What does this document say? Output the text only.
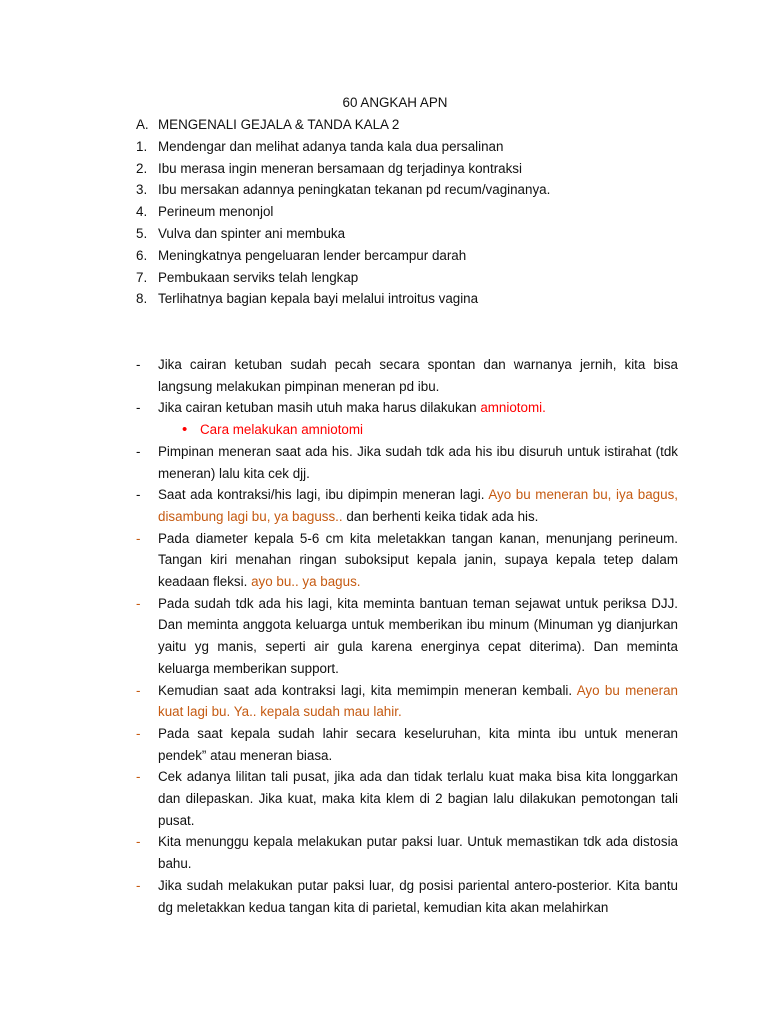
60 ANGKAH APN
A. MENGENALI GEJALA & TANDA KALA 2
1. Mendengar dan melihat adanya tanda kala dua persalinan
2. Ibu merasa ingin meneran bersamaan dg terjadinya kontraksi
3. Ibu mersakan adannya peningkatan tekanan pd recum/vaginanya.
4. Perineum menonjol
5. Vulva dan spinter ani membuka
6. Meningkatnya pengeluaran lender bercampur darah
7. Pembukaan serviks telah lengkap
8. Terlihatnya bagian kepala bayi melalui introitus vagina
-	Jika cairan ketuban sudah pecah secara spontan dan warnanya jernih, kita bisa langsung melakukan pimpinan meneran pd ibu.
-	Jika cairan ketuban masih utuh maka harus dilakukan amniotomi.
• Cara melakukan amniotomi
-	Pimpinan meneran saat ada his. Jika sudah tdk ada his ibu disuruh untuk istirahat (tdk meneran) lalu kita cek djj.
-	Saat ada kontraksi/his lagi, ibu dipimpin meneran lagi. Ayo bu meneran bu, iya bagus, disambung lagi bu, ya baguss.. dan berhenti keika tidak ada his.
-	Pada diameter kepala 5-6 cm kita meletakkan tangan kanan, menunjang perineum. Tangan kiri menahan ringan suboksiput kepala janin, supaya kepala tetep dalam keadaan fleksi. ayo bu.. ya bagus.
-	Pada sudah tdk ada his lagi, kita meminta bantuan teman sejawat untuk periksa DJJ. Dan meminta anggota keluarga untuk memberikan ibu minum (Minuman yg dianjurkan yaitu yg manis, seperti air gula karena energinya cepat diterima). Dan meminta keluarga memberikan support.
-	Kemudian saat ada kontraksi lagi, kita memimpin meneran kembali. Ayo bu meneran kuat lagi bu. Ya.. kepala sudah mau lahir.
-	Pada saat kepala sudah lahir secara keseluruhan, kita minta ibu untuk meneran pendek” atau meneran biasa.
-	Cek adanya lilitan tali pusat, jika ada dan tidak terlalu kuat maka bisa kita longgarkan dan dilepaskan. Jika kuat, maka kita klem di 2 bagian lalu dilakukan pemotongan tali pusat.
-	Kita menunggu kepala melakukan putar paksi luar. Untuk memastikan tdk ada distosia bahu.
-	Jika sudah melakukan putar paksi luar, dg posisi pariental antero-posterior. Kita bantu dg meletakkan kedua tangan kita di parietal, kemudian kita akan melahirkan
